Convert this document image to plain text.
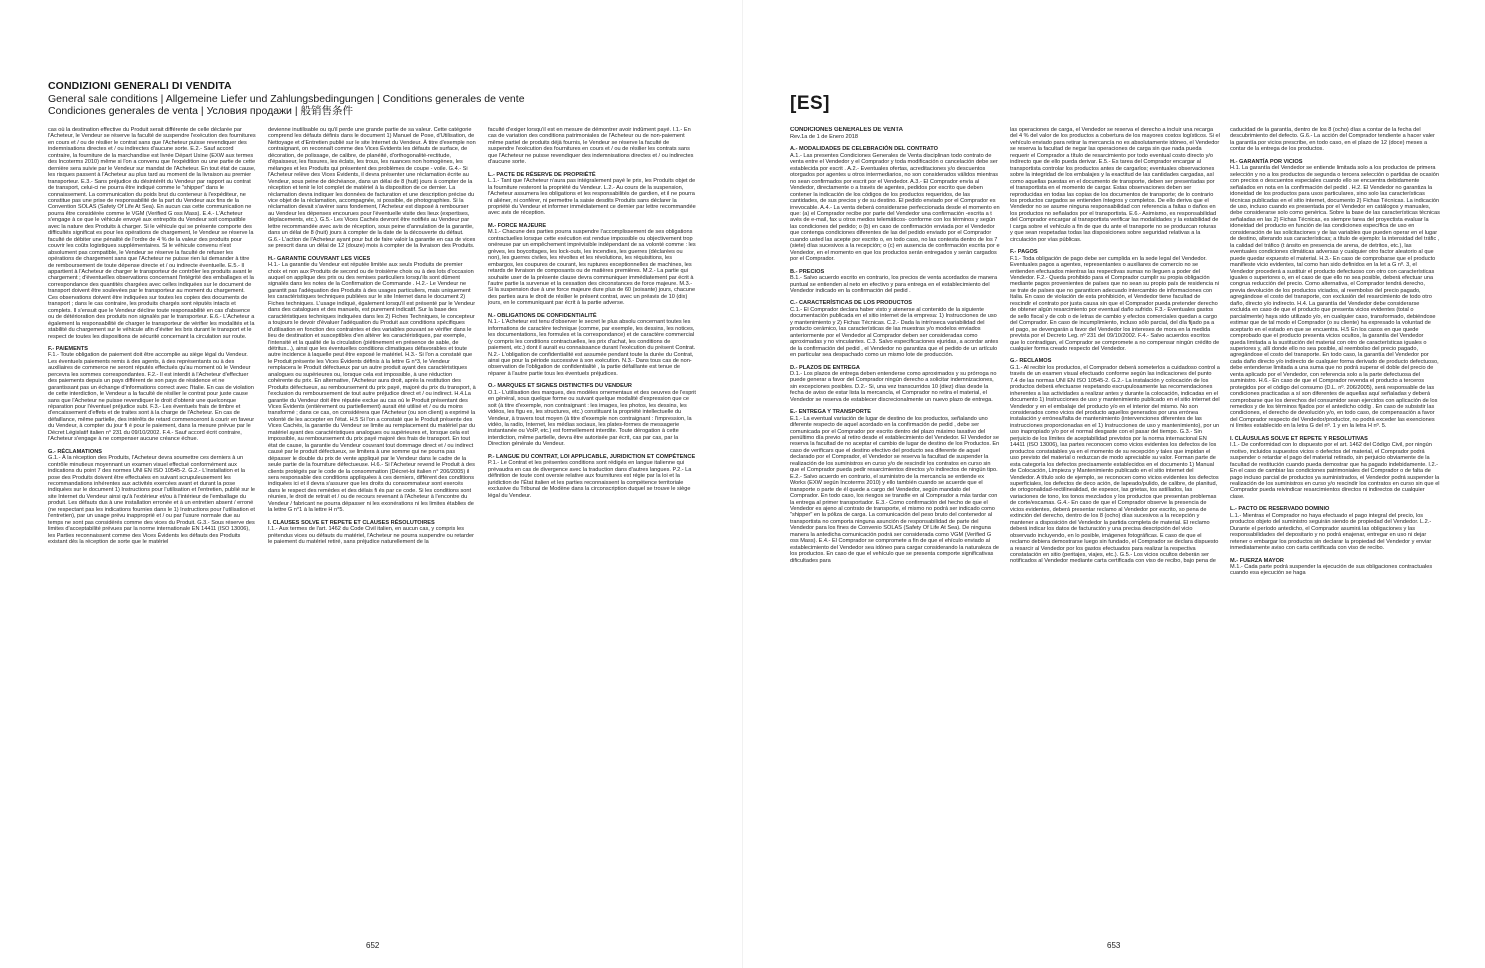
CONDIZIONI GENERALI DI VENDITA
General sale conditions | Allgemeine Liefer und Zahlungsbedingungen | Conditions generales de vente
Condiciones generales de venta | Условия продажи | 般销售条件

cas où la destination effective du Produit serait différente de celle déclarée par l'Acheteur, le Vendeur se réserve la faculté de suspendre l'exécution des fournitures en cours et / ou de résilier le contrat sans que l'Acheteur puisse revendiquer des indemnisations directes et / ou indirectes d'aucune sorte. E.2.- Sauf accord contraire, la fourniture de la marchandise est livrée Départ Usine (EXW aux termes des Incoterms 2010) même si l'on a convenu que l'expédition ou une partie de cette dernière sera suivie par le Vendeur sur mandat de l'Acheteur. En tout état de cause, les risques passent à l'Acheteur au plus tard au moment de la livraison au premier transporteur. E.3.- Sans préjudice du désintérêt du Vendeur par rapport au contrat de transport, celui-ci ne pourra être indiqué comme le "shipper" dans le connaissement. La communication du poids brut du conteneur à l'expéditeur, ne constitue pas une prise de responsabilité de la part du Vendeur aux fins de la Convention SOLAS (Safety Of Life At Sea). En aucun cas cette communication ne pourra être considérée comme le VGM (Verified G oss Mass). E.4.- L'Acheteur s'engage à ce que le véhicule envoyé aux entrepôts du Vendeur soit compatible avec la nature des Produits à charger. Si le véhicule qui se présente comporte des difficultés significat es pour les opérations de chargement, le Vendeur se réserve la faculté de débiter une pénalité de l'ordre de 4 % de la valeur des produits pour couvrir les coûts logistiques supplémentaires. Si le véhicule convenu n'est absolument pas compatible, le Vendeur se réserve la faculté de refuser les opérations de chargement sans que l'Acheteur ne puisse rien lui demander à titre de remboursement de toute dépense directe et / ou indirecte éventuelle. E.5.- Il appartient à l'Acheteur de charger le transporteur de contrôler les produits avant le chargement ; d'éventuelles observations concernant l'intégrité des emballages et la correspondance des quantités chargées avec celles indiquées sur le document de transport doivent être soulevées par le transporteur au moment du chargement. Ces observations doivent être indiquées sur toutes les copies des documents de transport ; dans le cas contraire, les produits chargés sont réputés intacts et complets. Il s'ensuit que le Vendeur décline toute responsabilité en cas d'absence ou de détérioration des produits non signalés par le transporteur. E.6.- L'Acheteur a également la responsabilité de charger le transporteur de vérifier les modalités et la stabilité du chargement sur le véhicule afin d'éviter les bris durant le transport et le respect de toutes les dispositions de sécurité concernant la circulation sur route.

F.- PAIEMENTS

F.1.- Toute obligation de paiement doit être accomplie au siège légal du Vendeur. Les éventuels paiements remis à des agents, à des représentants ou à des auxiliaires de commerce ne seront réputés effectués qu'au moment où le Vendeur percevra les sommes correspondantes. F.2.- Il est interdit à l'Acheteur d'effectuer des paiements depuis un pays différent de son pays de résidence et ne garantissant pas un échange d'informations correct avec l'Italie. En cas de violation de cette interdiction, le Vendeur a la faculté de résilier le contrat pour juste cause sans que l'Acheteur ne puisse revendiquer le droit d'obtenir une quelconque réparation pour l'éventuel préjudice subi. F.3.- Les éventuels frais de timbre et d'encaissement d'effets et de traites sont à la charge de l'Acheteur. En cas de défaillance, même partielle, des intérêts de retard commenceront à courir en faveur du Vendeur, à compter du jour fi é pour le paiement, dans la mesure prévue par le Décret Législatif italien n° 231 du 09/10/2002. F.4.- Sauf accord écrit contraire, l'Acheteur s'engage à ne compenser aucune créance échue.

G.- RÉCLAMATIONS

G.1.- À la réception des Produits, l'Acheteur devra soumettre ces derniers à un contrôle minutieux moyennant un examen visuel effectué conformément aux indications du point 7 des normes UNI EN ISO 10545-2. G.2.- L'installation et la pose des Produits doivent être effectuées en suivant scrupuleusement les recommandations inhérentes aux activités exercées avant et durant la pose indiquées sur le document 1) Instructions pour l'utilisation et l'entretien, publié sur le site Internet du Vendeur ainsi qu'à l'extérieur et/ou à l'intérieur de l'emballage du produit. Les défauts dus à une installation erronée et à un entretien absent / erroné (ne respectant pas les indications fournies dans le 1) Instructions pour l'utilisation et l'entretien), par un usage prévu inapproprié et / ou par l'usure normale due au temps ne sont pas considérés comme des vices du Produit. G.3.- Sous réserve des limites d'acceptabilité prévues par la norme internationale EN 14411 (ISO 13006), les Parties reconnaissent comme des Vices Évidents les défauts des Produits existant dès la réception de sorte que le matériel

devienne inutilisable ou qu'il perde une grande partie de sa valeur. Cette catégorie comprend les défauts définis dans le document 1) Manuel de Pose, d'Utilisation, de Nettoyage et d'Entretien publié sur le site Internet du Vendeur. À titre d'exemple non contraignant, on reconnaît comme des Vices Évidents les défauts de surface, de décoration, de polissage, de calibre, de planéité, d'orthogonalité-rectitude, d'épaisseur, les fissures, les éclats, les trous, les nuances non homogènes, les mélanges et les Produits qui présentent des problèmes de coupe - voile. G.4.- Si l'Acheteur relève des Vices Évidents, il devra présenter une réclamation écrite au Vendeur, sous peine de déchéance, dans un délai de 8 (huit) jours à compter de la réception et tenir le lot complet de matériel à la disposition de ce dernier. La réclamation devra indiquer les données de facturation et une description précise du vice objet de la réclamation, accompagnée, si possible, de photographies. Si la réclamation devait s'avérer sans fondement, l'Acheteur est disposé à rembourser au Vendeur les dépenses encourues pour l'éventuelle visite des lieux (expertises, déplacements, etc.). G.5.- Les Vices Cachés devront être notifiés au Vendeur par lettre recommandée avec avis de réception, sous peine d'annulation de la garantie, dans un délai de 8 (huit) jours à compter de la date de la découverte du défaut. G.6.- L'action de l'Acheteur ayant pour but de faire valoir la garantie en cas de vices se prescrit dans un délai de 12 (douze) mois à compter de la livraison des Produits.

H.- GARANTIE COUVRANT LES VICES

H.1.- La garantie du Vendeur est réputée limitée aux seuls Produits de premier choix et non aux Produits de second ou de troisième choix ou à des lots d'occasion auquel on applique des prix ou des remises particuliers lorsqu'ils sont dûment signalés dans les notes de la Confirmation de Commande . H.2.- Le Vendeur ne garantit pas l'adéquation des Produits à des usages particuliers, mais uniquement les caractéristiques techniques publiées sur le site Internet dans le document 2) Fiches techniques. L'usage indiqué, également lorsqu'il est présenté par le Vendeur dans des catalogues et des manuels, est purement indicatif. Sur la base des caractéristiques techniques indiquées dans les 2) Fiches Techniques, le concepteur a toujours le devoir d'évaluer l'adéquation du Produit aux conditions spécifiques d'utilisation en fonction des contraintes et des variables pouvant se vérifier dans le lieu de destination et susceptibles d'en altérer les caractéristiques, par exemple, l'intensité et la qualité de la circulation (piétinement en présence de sable, de détritus...), ainsi que les éventuelles conditions climatiques défavorables et toute autre incidence à laquelle peut être exposé le matériel. H.3.- Si l'on a constaté que le Produit présente les Vices Évidents définis à la lettre G n°3, le Vendeur remplacera le Produit défectueux par un autre produit ayant des caractéristiques analogues ou supérieures ou, lorsque cela est impossible, à une réduction cohérente du prix. En alternative, l'Acheteur aura droit, après la restitution des Produits défectueux, au remboursement du prix payé, majoré du prix du transport, à l'exclusion du remboursement de tout autre préjudice direct et / ou indirect. H.4.La garantie du Vendeur doit être réputée exclue au cas où le Produit présentant des Vices Évidents (entièrement ou partiellement) aurait été utilisé et / ou du moins transformé ; dans ce cas, on considérera que l'Acheteur (ou son client) a exprimé la volonté de les accepter en l'état. H.5 Si l'on a constaté que le Produit présente des Vices Cachés, la garantie du Vendeur se limite au remplacement du matériel par du matériel ayant des caractéristiques analogues ou supérieures et, lorsque cela est impossible, au remboursement du prix payé majoré des frais de transport. En tout état de cause, la garantie du Vendeur couvrant tout dommage direct et / ou indirect causé par le produit défectueux, se limitera à une somme qui ne pourra pas dépasser le double du prix de vente appliqué par le Vendeur dans le cadre de la seule partie de la fourniture défectueuse. H.6.- Si l'Acheteur revend le Produit à des clients protégés par le code de la consommation (Décret-loi italien n° 206/2005) il sera responsable des conditions appliquées à ces derniers, différent des conditions indiquées ici et il devra s'assurer que les droits du consommateur sont exercés dans le respect des remèdes et des délais fi és par ce code. Si les conditions sont réunies, le droit de retrait et / ou de recours revenant à l'Acheteur à l'encontre du Vendeur / fabricant ne pourra dépasser ni les exonérations ni les limites établies de la lettre G n°1 à la lettre H n°5.

I. CLAUSES SOLVE ET REPETE ET CLAUSES RÉSOLUTOIRES

I.1.- Aux termes de l'art. 1462 du Code Civil italien, en aucun cas, y compris les prétendus vices ou défauts du matériel, l'Acheteur ne pourra suspendre ou retarder le paiement du matériel retiré, sans préjudice naturellement de la

faculté d'exiger lorsqu'il est en mesure de démontrer avoir indûment payé. I.1.- En cas de variation des conditions patrimoniales de l'Acheteur ou de non-paiement même partiel de produits déjà fournis, le Vendeur se réserve la faculté de suspendre l'exécution des fournitures en cours et / ou de résilier les contrats sans que l'Acheteur ne puisse revendiquer des indemnisations directes et / ou indirectes d'aucune sorte.

L.- PACTE DE RÉSERVE DE PROPRIÉTÉ

L.1.- Tant que l'Acheteur n'aura pas intégralement payé le prix, les Produits objet de la fourniture resteront la propriété du Vendeur. L.2.- Au cours de la suspension, l'Acheteur assumera les obligations et les responsabilités de gardien, et il ne pourra ni aliéner, ni conférer, ni permettre la saisie desdits Produits sans déclarer la propriété du Vendeur et informer immédiatement ce dernier par lettre recommandée avec avis de réception.

M.- FORCE MAJEURE

M.1.- Chacune des parties pourra suspendre l'accomplissement de ses obligations contractuelles lorsque cette exécution est rendue impossible ou objectivement trop onéreuse par un empêchement imprévisible indépendant de sa volonté comme : les grèves, les boycottages, les lock-outs, les incendies, les guerres (déclarées ou non), les guerres civiles, les révoltes et les révolutions, les réquisitions, les embargos, les coupures de courant, les ruptures exceptionnelles de machines, les retards de livraison de composants ou de matières premières. M.2.- La partie qui souhaite user de la présente clause devra communiquer immédiatement par écrit à l'autre partie la survenue et la cessation des circonstances de force majeure. M.3.- Si la suspension due à une force majeure dure plus de 60 (soixante) jours, chacune des parties aura le droit de résilier le présent contrat, avec un préavis de 10 (dix) jours, en le communiquant par écrit à la partie adverse.

N.- OBLIGATIONS DE CONFIDENTIALITÉ

N.1.- L'Acheteur est tenu d'observer le secret le plus absolu concernant toutes les informations de caractère technique (comme, par exemple, les dessins, les notices, les documentations, les formules et la correspondance) et de caractère commercial (y compris les conditions contractuelles, les prix d'achat, les conditions de paiement, etc.) dont il aurait eu connaissance durant l'exécution du présent Contrat. N.2.- L'obligation de confidentialité est assumée pendant toute la durée du Contrat, ainsi que pour la période successive à son exécution. N.3.- Dans tous cas de non-observation de l'obligation de confidentialité , la partie défaillante est tenue de réparer à l'autre partie tous les éventuels préjudices.

O.- MARQUES ET SIGNES DISTINCTIFS DU VENDEUR

O.1.- L'utilisation des marques, des modèles ornementaux et des oeuvres de l'esprit en général, sous quelque forme ou suivant quelque modalité d'expression que ce soit (à titre d'exemple, non contraignant : les images, les photos, les dessins, les vidéos, les figu es, les structures, etc.) constituant la propriété intellectuelle du Vendeur, à travers tout moyen (à titre d'exemple non contraignant : l'impression, la vidéo, la radio, Internet, les médias sociaux, les plates-formes de messagerie instantanée ou VoIP, etc.) est formellement interdite. Toute dérogation à cette interdiction, même partielle, devra être autorisée par écrit, cas par cas, par la Direction générale du Vendeur.

P.- LANGUE DU CONTRAT, LOI APPLICABLE, JURIDICTION ET COMPÉTENCE

P.1.- Le Contrat et les présentes conditions sont rédigés en langue italienne qui prévaudra en cas de divergence avec la traduction dans d'autres langues. P.2.- La définition de toute cont oversie relative aux fournitures est régie par la loi et la juridiction de l'État italien et les parties reconnaissent la compétence territoriale exclusive du Tribunal de Modène dans la circonscription duquel se trouve le siège légal du Vendeur.

652
[ES]

CONDICIONES GENERALES DE VENTA

Rev.1a de 1 de Enero 2018

A.- MODALIDADES DE CELEBRACIÓN DEL CONTRATO

A.1.- Las presentes Condiciones Generales de Venta disciplinan todo contrato de venta entre el Vendedor y el Comprador y toda modificación o cancelación debe ser establecida por escrit . A.2.- Eventuales ofertas, acreditaciones y/o descuentos otorgados por agentes u otros intermediarios, no son considerados válidos mientras no sean confirmados por escrit por el Vendedor. A.3.- El Comprador envía al Vendedor, directamente o a través de agentes, pedidos por escrito que deben contener la indicación de los códigos de los productos requeridos, de las cantidades, de sus precios y de su destino. El pedido enviado por el Comprador es irrevocable. A.4.- La venta deberá considerarse perfeccionada desde el momento en que: (a) el Comprador recibe por parte del Vendedor una confirmación -escrita a t avés de e-mail, fax u otros medios telemáticos- conforme con los términos y según las condiciones del pedido; o (b) en caso de confirmación enviada por el Vendedor que contenga condiciones diferentes de las del pedido enviado por el Comprador cuando usted las acepte por escrito o, en todo caso, no las contesta dentro de los 7 (siete) días sucesivos a la recepción; o (c) en ausencia de confirmación escrita por e Vendedor, en el momento en que los productos serán entregados y serán cargados por el Comprador.

B.- PRECIOS

B.1.- Salvo acuerdo escrito en contrario, los precios de venta acordados de manera puntual se entienden al neto en efectivo y para entrega en el establecimiento del Vendedor indicado en la confirmación del pedid .

C.- CARACTERÍSTICAS DE LOS PRODUCTOS

C.1.- El Comprador declara haber visto y atenerse al contenido de la siguiente documentación publicada en el sitio internet de la empresa: 1) Instrucciones de uso y mantenimiento y 2) Fichas Técnicas. C.2.- Dada la intrínseca variabilidad del producto cerámico, las características de las muestras y/o modelos enviados anteriormente por el Vendedor al Comprador deben ser consideradas como aproximadas y no vinculantes. C.3. Salvo especificaciones ejuridas, a acordar antes de la confirmación del pedid , el Vendedor no garantiza que el pedido de un artículo en particular sea despachado como un mismo lote de producción.

D.- PLAZOS DE ENTREGA

D.1.- Los plazos de entrega deben entenderse como aproximados y su prórroga no puede generar a favor del Comprador ningún derecho a solicitar indemnizaciones, sin excepciones posibles. D.2.- Si, una vez transcurridos 10 (diez) días desde la fecha de aviso de estar lista la mercancía, el Comprador no retira el material, el Vendedor se reserva de establecer discrecionalmente un nuevo plazo de entrega.

E.- ENTREGA Y TRANSPORTE

E.1.- La eventual variación de lugar de destino de los productos, señalando uno diferente respecto de aquel acordado en la confirmación de pedid , debe ser comunicada por el Comprador por escrito dentro del plazo máximo taxativo del penúltimo día previo al retiro desde el establecimiento del Vendedor. El Vendedor se reserva la facultad de no aceptar el cambio de lugar de destino de los Productos. En caso de verificars que el destino efectivo del producto sea diferente de aquel declarado por el Comprador, el Vendedor se reserva la facultad de suspender la realización de los suministros en curso y/o de rescindir los contratos en curso sin que el Comprador pueda pedir resarcimientos directos y/o indirectos de ningún tipo. E.2.- Salvo acuerdo en contrario, el suministro de la mercancía se entiende ex Works (EXW según Incoterms 2010) y ello también cuando se acuerde que el transporte o parte de él quede a cargo del Vendedor, según mandato del Comprador. En todo caso, los riesgos se transfie en al Comprador a más tardar con la entrega al primer transportador. E.3.- Como confirmación del hecho de que el Vendedor es ajeno al contrato de transporte, el mismo no podrá ser indicado como "shipper" en la póliza de carga. La comunicación del peso bruto del contenedor al transportista no comporta ninguna asunción de responsabilidad de parte del Vendedor para los fines de Convenio SOLAS (Safety Of Life At Sea). De ninguna manera la antedicha comunicación podrá ser considerada como VGM (Verified G oss Mass). E.4.- El Comprador se compromete a fin de que el ehículo enviado al establecimiento del Vendedor sea idóneo para cargar considerando la naturaleza de los productos. En caso de que el vehículo que se presenta comporte significativas dificultades para

las operaciones de carga, el Vendedor se reserva el derecho a incluir una recarga del 4 % del valor de los productos a cobertura de los mayores costos logísticos. Si el vehículo enviado para retirar la mercancía no es absolutamente idóneo, el Vendedor se reserva la facultad de negar las operaciones de carga sin que nada pueda requerir el Comprador a título de resarcimiento por todo eventual costo directo y/o indirecto que de ello pueda derivar. E.5.- Es tarea del Comprador encargar al transportista controlar los productos antes de cargarlos; eventuales observaciones sobre la integridad de los embalajes y la exactitud de las cantidades cargadas, así como aquellas puestas en el documento de transporte, deben ser presentadas por el transportista en el momento de cargar. Estas observaciones deben ser reproducidas en todas las copias de los documentos de transporte; de lo contrario los productos cargados se entienden íntegros y completos. De ello deriva que el Vendedor no se asume ninguna responsabilidad con referencia a faltas o daños en los productos no señalados por el transportista. E.6.- Asimismo, es responsabilidad del Comprador encargar al transportista verificar las modalidades y la estabilidad de l carga sobre el vehículo a fin de que du ante el transporte no se produzcan roturas y que sean respetadas todas las disposiciones sobre seguridad relativas a la circulación por vías públicas.

F.- PAGOS

F.1.- Toda obligación de pago debe ser cumplida en la sede legal del Vendedor. Eventuales pagos a agentes, representantes o auxiliares de comercio no se entienden efectuados mientras las respectivas sumas no lleguen a poder del Vendedor. F.2.- Queda prohibido para el Comprador cumplir su propia obligación mediante pagos provenientes de países que no sean su propio país de residencia ni se trate de países que no garanticen adecuado intercambio de informaciones con Italia. En caso de violación de esta prohibición, el Vendedor tiene facultad de rescindir el contrato por justa causa sin que el Comprador pueda pretender derecho de obtener algún resarcimiento por eventual daño sufrido. F.3.- Eventuales gastos de sello fiscal y de cob o de letras de cambio y efectos comerciales quedan a cargo del Comprador. En caso de incumplimiento, incluso sólo parcial, del día fijado pa a el pago, se devengarán a favor del Vendedor los intereses de mora en la medida prevista por el Decreto Leg. nº 231 del 09/10/2002. F.4.- Salvo acuerdos escritos que lo contradigan, el Comprador se compromete a no compensar ningún crédito de cualquier forma creado respecto del Vendedor.

G.- RECLAMOS

G.1.- Al recibir los productos, el Comprador deberá someterlos a cuidadoso control a través de un examen visual efectuado conforme según las indicaciones del punto 7.4 de las normas UNI EN ISO 10545-2. G.2.- La instalación y colocación de los productos deberá efectuarse respetando escrupulosamente las recomendaciones inherentes a las actividades a realizar antes y durante la colocación, indicadas en el documento 1) Instrucciones de uso y mantenimiento publicado en el sitio internet del Vendedor y en el embalaje del producto y/o en el interior del mismo. No son considerados como vicios del producto aquellos generados por una errónea instalación y errónea/falta de mantenimiento (intervenciones diferentes de las instrucciones proporcionadas en el 1) Instrucciones de uso y mantenimiento), por un uso inapropiado y/o por el normal desgaste con el pasar del tiempo. G.3.- Sin perjuicio de los límites de aceptabilidad previstos por la norma internacional EN 14411 (ISO 13006), las partes reconocen como vicios evidentes los defectos de los productos constatables ya en el momento de su recepción y tales que impidan el uso previsto del material o reduzcan de modo apreciable su valor. Forman parte de esta categoría los defectos precisamente establecidos en el documento 1) Manual de Colocación, Limpieza y Mantenimiento publicado en el sitio internet del Vendedor. A título solo de ejemplo, se reconocen como vicios evidentes los defectos superficiales, los defectos de deco ación, de lapeado/pulido, de calibre, de planitud, de ortogonalidad-rectilinealidad, de espesor, las grietas, los astillados, las variaciones de tono, los tonos mezclados y los productos que presentan problemas de corte/escamas. G.4.- En caso de que el Comprador observe la presencia de vicios evidentes, deberá presentar reclamo al Vendedor por escrito, so pena de extinción del derecho, dentro de los 8 (ocho) días sucesivos a la recepción y mantener a disposición del Vendedor la partida completa de material. El reclamo deberá indicar los datos de facturación y una precisa descripción del vicio observado incluyendo, en lo posible, imágenes fotográficas. E caso de que el reclamo debiera demostrarse luego sin fundado, el Comprador se declara dispuesto a resarcir al Vendedor por los gastos efectuados para realizar la respectiva constatación en sitio (peritajes, viajes, etc.). G.5.- Los vicios ocultos deberán ser notificados al Vendedor mediante carta certificada con viso de recibo, bajo pena de

caducidad de la garantía, dentro de los 8 (ocho) días a contar de la fecha del descubrimiento del defecto. G.6.- La acción del Comprador tendiente a hacer valer la garantía por vicios prescribe, en todo caso, en el plazo de 12 (doce) meses a contar de la entrega de los productos.

H.- GARANTÍA POR VICIOS

H.1. La garantía del Vendedor se entiende limitada solo a los productos de primera selección y no a los productos de segunda o tercera selección o partidas de ocasión con precios o descuentos especiales cuando ello se encuentra debidamente señalados en nota en la confirmación del pedid . H.2. El Vendedor no garantiza la idoneidad de los productos para usos particulares, sino solo las características técnicas publicadas en el sitio internet, documento 2) Fichas Técnicas. La indicación de uso, incluso cuando es presentada por el Vendedor en catálogos y manuales, debe considerarse solo como genérica. Sobre la base de las características técnicas señaladas en las 2) Fichas Técnicas, es siempre tarea del proyectista evaluar la idoneidad del producto en función de las condiciones específica de uso en consideración de las solicitaciones y de las variables que pueden operar en el lugar de destino, alterando sus características; a título de ejemplo: la intensidad del tráfic , la calidad del tráfico (t ánsito en presencia de arena, de detritos, etc.), las eventuales condiciones climáticas adversas y cualquier otro factor aleatorio al que puede quedar expuesto el material. H.3.- En caso de comprobarse que el producto manifieste vicio evidentes, tal como han sido definidos en la let a G nº. 3, el Vendedor procederá a sustituir el producto defectuoso con otro con características iguales o superiores o, en el caso de que ello no sea posible, deberá efectuar una congrua reducción del precio. Como alternativa, el Comprador tendrá derecho, previa devolución de los productos viciados, al reembolso del precio pagado, agregándose el costo del transporte, con exclusión del resarcimiento de todo otro daño, directo y/o indirecto. H.4. La garantía del Vendedor debe considerarse excluida en caso de que el producto que presenta vicios evidentes (total o parcialmente) haya sido utilizado y/o, en cualquier caso, transformado, debiéndose estimar que de tal modo el Comprador (o su cliente) ha expresado la voluntad de aceptarlo en el estado en que se encuentra. H.5 En los casos en que quede comprobado que el producto presenta vicios ocultos, la garantía del Vendedor queda limitada a la sustitución del material con otro de características iguales o superiores y, allí donde ello no sea posible, al reembolso del precio pagado, agregándose el costo del transporte. En todo caso, la garantía del Vendedor por cada daño directo y/o indirecto de cualquier forma derivado de producto defectuoso, debe entenderse limitada a una suma que no podrá superar el doble del precio de venta aplicado por el Vendedor, con referencia solo a la parte defectuosa del suministro. H.6.- En caso de que el Comprador revenda el producto a terceros protegidos por el código del consumo (D.L. nº. 206/2005), será responsable de las condiciones practicadas a sí son diferentes de aquellas aquí señaladas y deberá comprobarse que los derechos del consumidor sean ejercidos con aplicación de los remedios y de los términos fijados por el antedicho códig . En caso de subsistir las condiciones, el derecho de devolución y/o, en todo caso, de compensación a favor del Comprador respecto del Vendedor/productor, no podrá exceder las exenciones ni límites establecido en la letra G del nº. 1 y en la letra H nº. 5.

I. CLÁUSULAS SOLVE ET REPETE Y RESOLUTIVAS

I.1.- De conformidad con lo dispuesto por el art. 1462 del Código Civil, por ningún motivo, incluidos supuestos vicios o defectos del material, el Comprador podrá suspender o retardar el pago del material retirado, sin perjuicio obviamente de la facultad de restitución cuando pueda demostrar que ha pagado indebidamente. I.2.- En el caso de cambiar las condiciones patrimoniales del Comprador o de falta de pago incluso parcial de productos ya suministrados, el Vendedor podrá suspender la realización de los suministros en curso y/o rescindir los contratos en curso sin que el Comprador pueda reivindicar resarcimientos directos ni indirectos de cualquier clase.

L.- PACTO DE RESERVADO DOMINIO

L.1.- Mientras el Comprador no haya efectuado el pago integral del precio, los productos objeto del suministro seguirán siendo de propiedad del Vendedor. L.2.- Durante el período antedicho, el Comprador asumirá las obligaciones y las responsabilidades del depositario y no podrá enajenar, entregar en uso ni dejar retener o embargar los productos sin declarar la propiedad del Vendedor y enviar inmediatamente aviso con carta certificada con viso de recibo.

M.- FUERZA MAYOR

M.1.- Cada parte podrá suspender la ejecución de sus obligaciones contractuales cuando esa ejecución se haga

653
